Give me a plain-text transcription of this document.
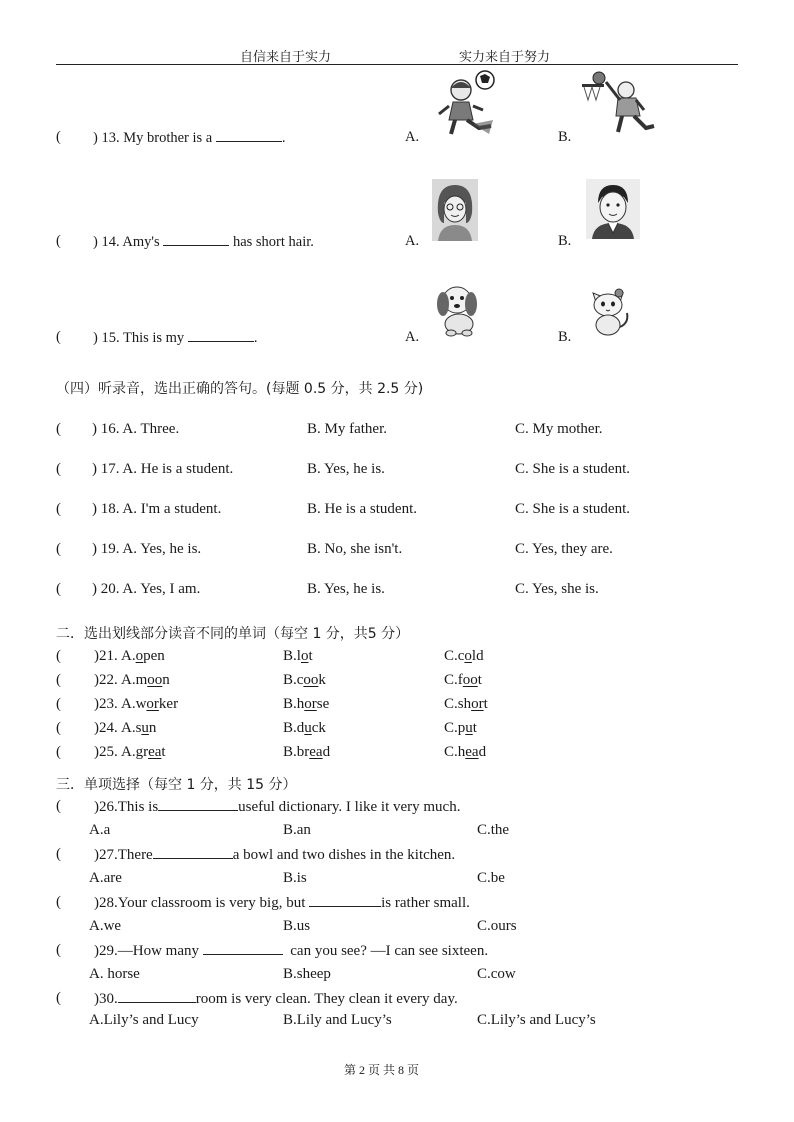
自信来自于实力	实力来自于努力
( ) 13. My brother is a	.	A.	B.
( ) 14. Amy's	has short hair.	A.	B.
( ) 15. This is my	.	A.	B.
（四）听录音，选出正确的答句。(每题 0.5 分，共 2.5 分)
( ) 16. A. Three.	B. My father.	C. My mother.
( ) 17. A. He is a student.	B. Yes, he is.	C. She is a student.
( ) 18. A. I'm a student.	B. He is a student.	C. She is a student.
( ) 19. A. Yes, he is.	B. No, she isn't.	C. Yes, they are.
( ) 20. A. Yes, I am.	B. Yes, he is.	C. Yes, she is.
二．选出划线部分读音不同的单词（每空 1 分，共5 分）
( )21. A.open	B.lot	C.cold
( )22. A.moon	B.cook	C.foot
( )23. A.worker	B.horse	C.short
( )24. A.sun	B.duck	C.put
( )25. A.great	B.bread	C.head
三．单项选择（每空 1 分，共 15 分）
( )26.This is	useful dictionary. I like it very much.
A.a	B.an	C.the
( )27.There	a bowl and two dishes in the kitchen.
A.are	B.is	C.be
( )28.Your classroom is very big, but	is rather small.
A.we	B.us	C.ours
( )29.—How many	can you see? —I can see sixteen.
A. horse	B.sheep	C.cow
( )30.	room is very clean. They clean it every day.
A.Lily’s and Lucy	B.Lily and Lucy’s	C.Lily’s and Lucy’s
第 2 页 共 8 页
